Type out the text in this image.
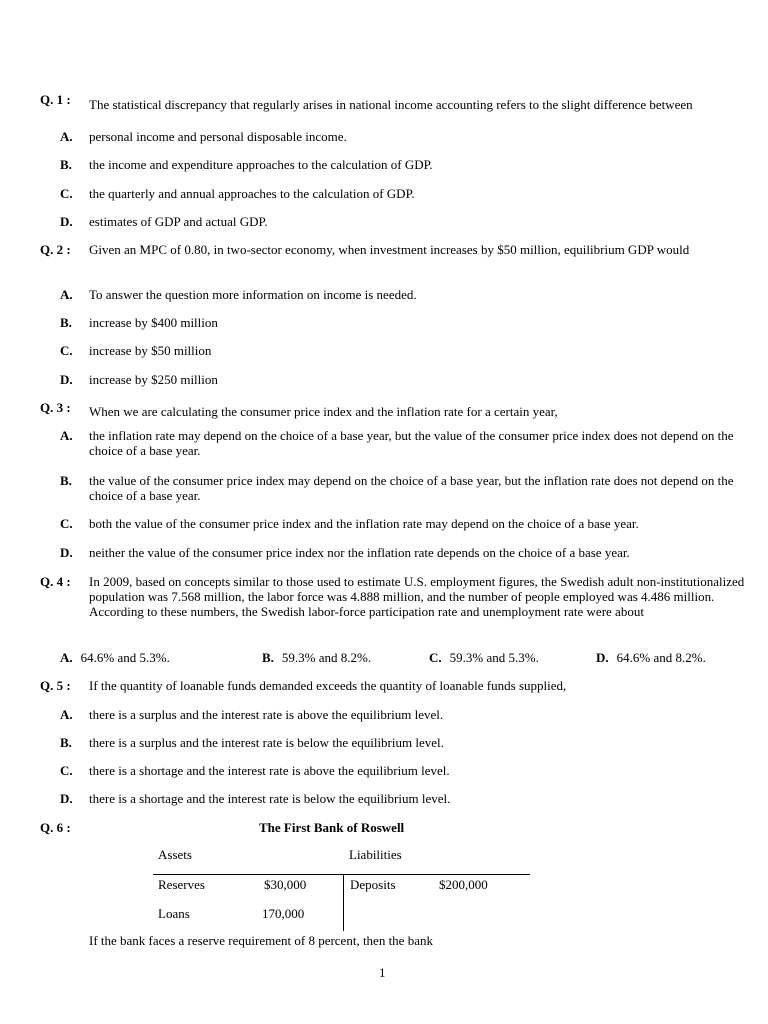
Q. 1 : The statistical discrepancy that regularly arises in national income accounting refers to the slight difference between
A. personal income and personal disposable income.
B. the income and expenditure approaches to the calculation of GDP.
C. the quarterly and annual approaches to the calculation of GDP.
D. estimates of GDP and actual GDP.
Q. 2 : Given an MPC of 0.80, in two-sector economy, when investment increases by $50 million, equilibrium GDP would
A. To answer the question more information on income is needed.
B. increase by $400 million
C. increase by $50 million
D. increase by $250 million
Q. 3 : When we are calculating the consumer price index and the inflation rate for a certain year,
A. the inflation rate may depend on the choice of a base year, but the value of the consumer price index does not depend on the choice of a base year.
B. the value of the consumer price index may depend on the choice of a base year, but the inflation rate does not depend on the choice of a base year.
C. both the value of the consumer price index and the inflation rate may depend on the choice of a base year.
D. neither the value of the consumer price index nor the inflation rate depends on the choice of a base year.
Q. 4 : In 2009, based on concepts similar to those used to estimate U.S. employment figures, the Swedish adult non-institutionalized population was 7.568 million, the labor force was 4.888 million, and the number of people employed was 4.486 million. According to these numbers, the Swedish labor-force participation rate and unemployment rate were about
A. 64.6% and 5.3%.	B. 59.3% and 8.2%.	C. 59.3% and 5.3%.	D. 64.6% and 8.2%.
Q. 5 : If the quantity of loanable funds demanded exceeds the quantity of loanable funds supplied,
A. there is a surplus and the interest rate is above the equilibrium level.
B. there is a surplus and the interest rate is below the equilibrium level.
C. there is a shortage and the interest rate is above the equilibrium level.
D. there is a shortage and the interest rate is below the equilibrium level.
Q. 6 :	The First Bank of Roswell
Assets	Liabilities
Reserves	$30,000	Deposits	$200,000
Loans	170,000
If the bank faces a reserve requirement of 8 percent, then the bank
1
